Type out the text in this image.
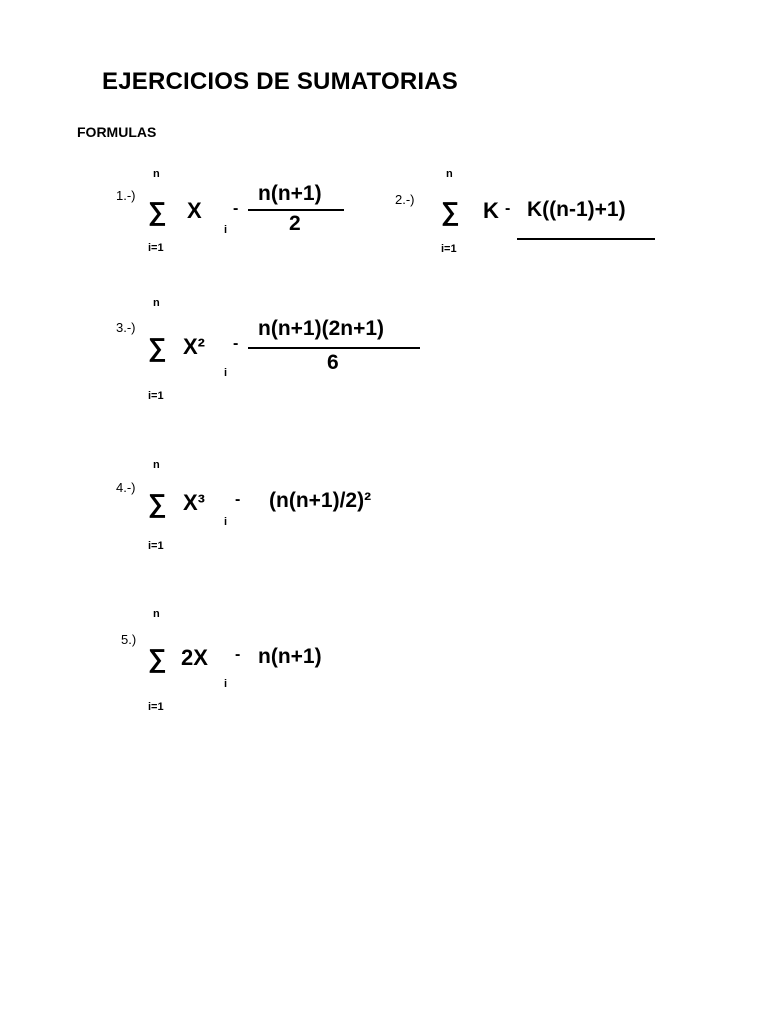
EJERCICIOS DE SUMATORIAS
FORMULAS
1.-)
n
∑ X
i
-
i=1
n(n+1)
2
2.-)
n
∑ K -
i=1
K((n-1)+1)
3.-)
n
∑ X²
i
-
i=1
n(n+1)(2n+1)
6
4.-)
n
∑ X³
i
-
i=1
(n(n+1)/2)²
5.)
n
∑ 2X
i
-
i=1
n(n+1)
